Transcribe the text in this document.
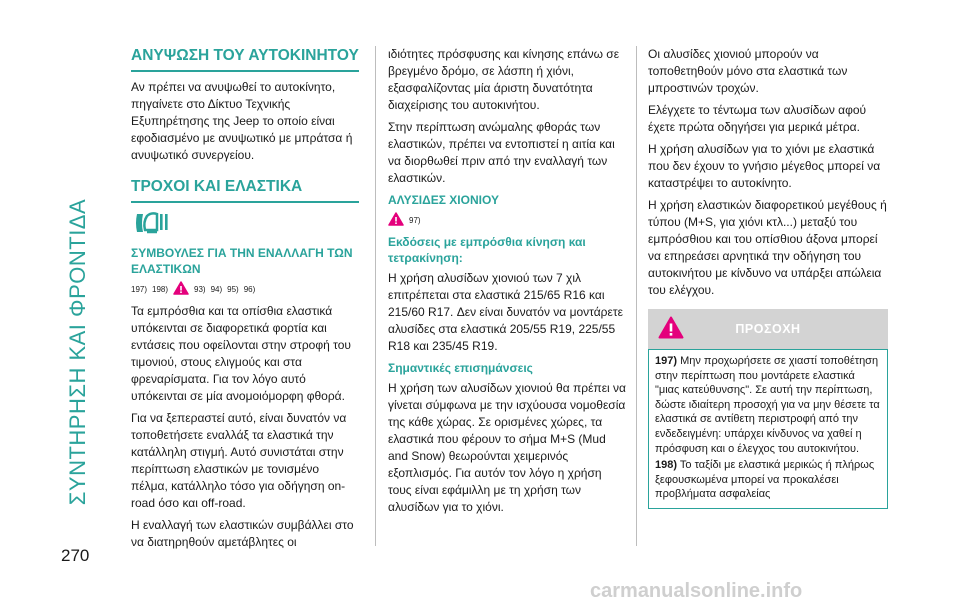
ΣΥΝΤΗΡΗΣΗ ΚΑΙ ΦΡΟΝΤΙΔΑ
270
ΑΝΥΨΩΣΗ ΤΟΥ ΑΥΤΟΚΙΝΗΤΟΥ

Αν πρέπει να ανυψωθεί το αυτοκίνητο, πηγαίνετε στο Δίκτυο Τεχνικής Εξυπηρέτησης της Jeep το οποίο είναι εφοδιασμένο με ανυψωτικό με μπράτσα ή ανυψωτικό συνεργείου.

ΤΡΟΧΟΙ ΚΑΙ ΕΛΑΣΤΙΚΑ
ΣΥΜΒΟΥΛΕΣ ΓΙΑ ΤΗΝ ΕΝΑΛΛΑΓΗ ΤΩΝ ΕΛΑΣΤΙΚΩΝ
197) 198)	93) 94) 95) 96)

Τα εμπρόσθια και τα οπίσθια ελαστικά υπόκεινται σε διαφορετικά φορτία και εντάσεις που οφείλονται στην στροφή του τιμονιού, στους ελιγμούς και στα φρεναρίσματα. Για τον λόγο αυτό υπόκεινται σε μία ανομοιόμορφη φθορά.

Για να ξεπεραστεί αυτό, είναι δυνατόν να τοποθετήσετε εναλλάξ τα ελαστικά την κατάλληλη στιγμή. Αυτό συνιστάται στην περίπτωση ελαστικών με τονισμένο πέλμα, κατάλληλο τόσο για οδήγηση on-road όσο και off-road.

Η εναλλαγή των ελαστικών συμβάλλει στο να διατηρηθούν αμετάβλητες οι

ιδιότητες πρόσφυσης και κίνησης επάνω σε βρεγμένο δρόμο, σε λάσπη ή χιόνι, εξασφαλίζοντας μία άριστη δυνατότητα διαχείρισης του αυτοκινήτου.

Στην περίπτωση ανώμαλης φθοράς των ελαστικών, πρέπει να εντοπιστεί η αιτία και να διορθωθεί πριν από την εναλλαγή των ελαστικών.

ΑΛΥΣΙΔΕΣ ΧΙΟΝΙΟΥ
97)
Εκδόσεις με εμπρόσθια κίνηση και τετρακίνηση:

Η χρήση αλυσίδων χιονιού των 7 χιλ επιτρέπεται στα ελαστικά 215/65 R16 και 215/60 R17. Δεν είναι δυνατόν να μοντάρετε αλυσίδες στα ελαστικά 205/55 R19, 225/55 R18 και 235/45 R19.

Σημαντικές επισημάνσεις

Η χρήση των αλυσίδων χιονιού θα πρέπει να γίνεται σύμφωνα με την ισχύουσα νομοθεσία της κάθε χώρας. Σε ορισμένες χώρες, τα ελαστικά που φέρουν το σήμα M+S (Mud and Snow) θεωρούνται χειμερινός εξοπλισμός. Για αυτόν τον λόγο η χρήση τους είναι εφάμιλλη με τη χρήση των αλυσίδων για το χιόνι.

Οι αλυσίδες χιονιού μπορούν να τοποθετηθούν μόνο στα ελαστικά των μπροστινών τροχών.

Ελέγχετε το τέντωμα των αλυσίδων αφού έχετε πρώτα οδηγήσει για μερικά μέτρα.

Η χρήση αλυσίδων για το χιόνι με ελαστικά που δεν έχουν το γνήσιο μέγεθος μπορεί να καταστρέψει το αυτοκίνητο.

Η χρήση ελαστικών διαφορετικού μεγέθους ή τύπου (M+S, για χιόνι κτλ...) μεταξύ του εμπρόσθιου και του οπίσθιου άξονα μπορεί να επηρεάσει αρνητικά την οδήγηση του αυτοκινήτου με κίνδυνο να υπάρξει απώλεια του ελέγχου.

ΠΡΟΣΟΧΗ

197) Μην προχωρήσετε σε χιαστί τοποθέτηση στην περίπτωση που μοντάρετε ελαστικά "μιας κατεύθυνσης". Σε αυτή την περίπτωση, δώστε ιδιαίτερη προσοχή για να μην θέσετε τα ελαστικά σε αντίθετη περιστροφή από την ενδεδειγμένη: υπάρχει κίνδυνος να χαθεί η πρόσφυση και ο έλεγχος του αυτοκινήτου.

198) Το ταξίδι με ελαστικά μερικώς ή πλήρως ξεφουσκωμένα μπορεί να προκαλέσει προβλήματα ασφαλείας

carmanualsonline.info
